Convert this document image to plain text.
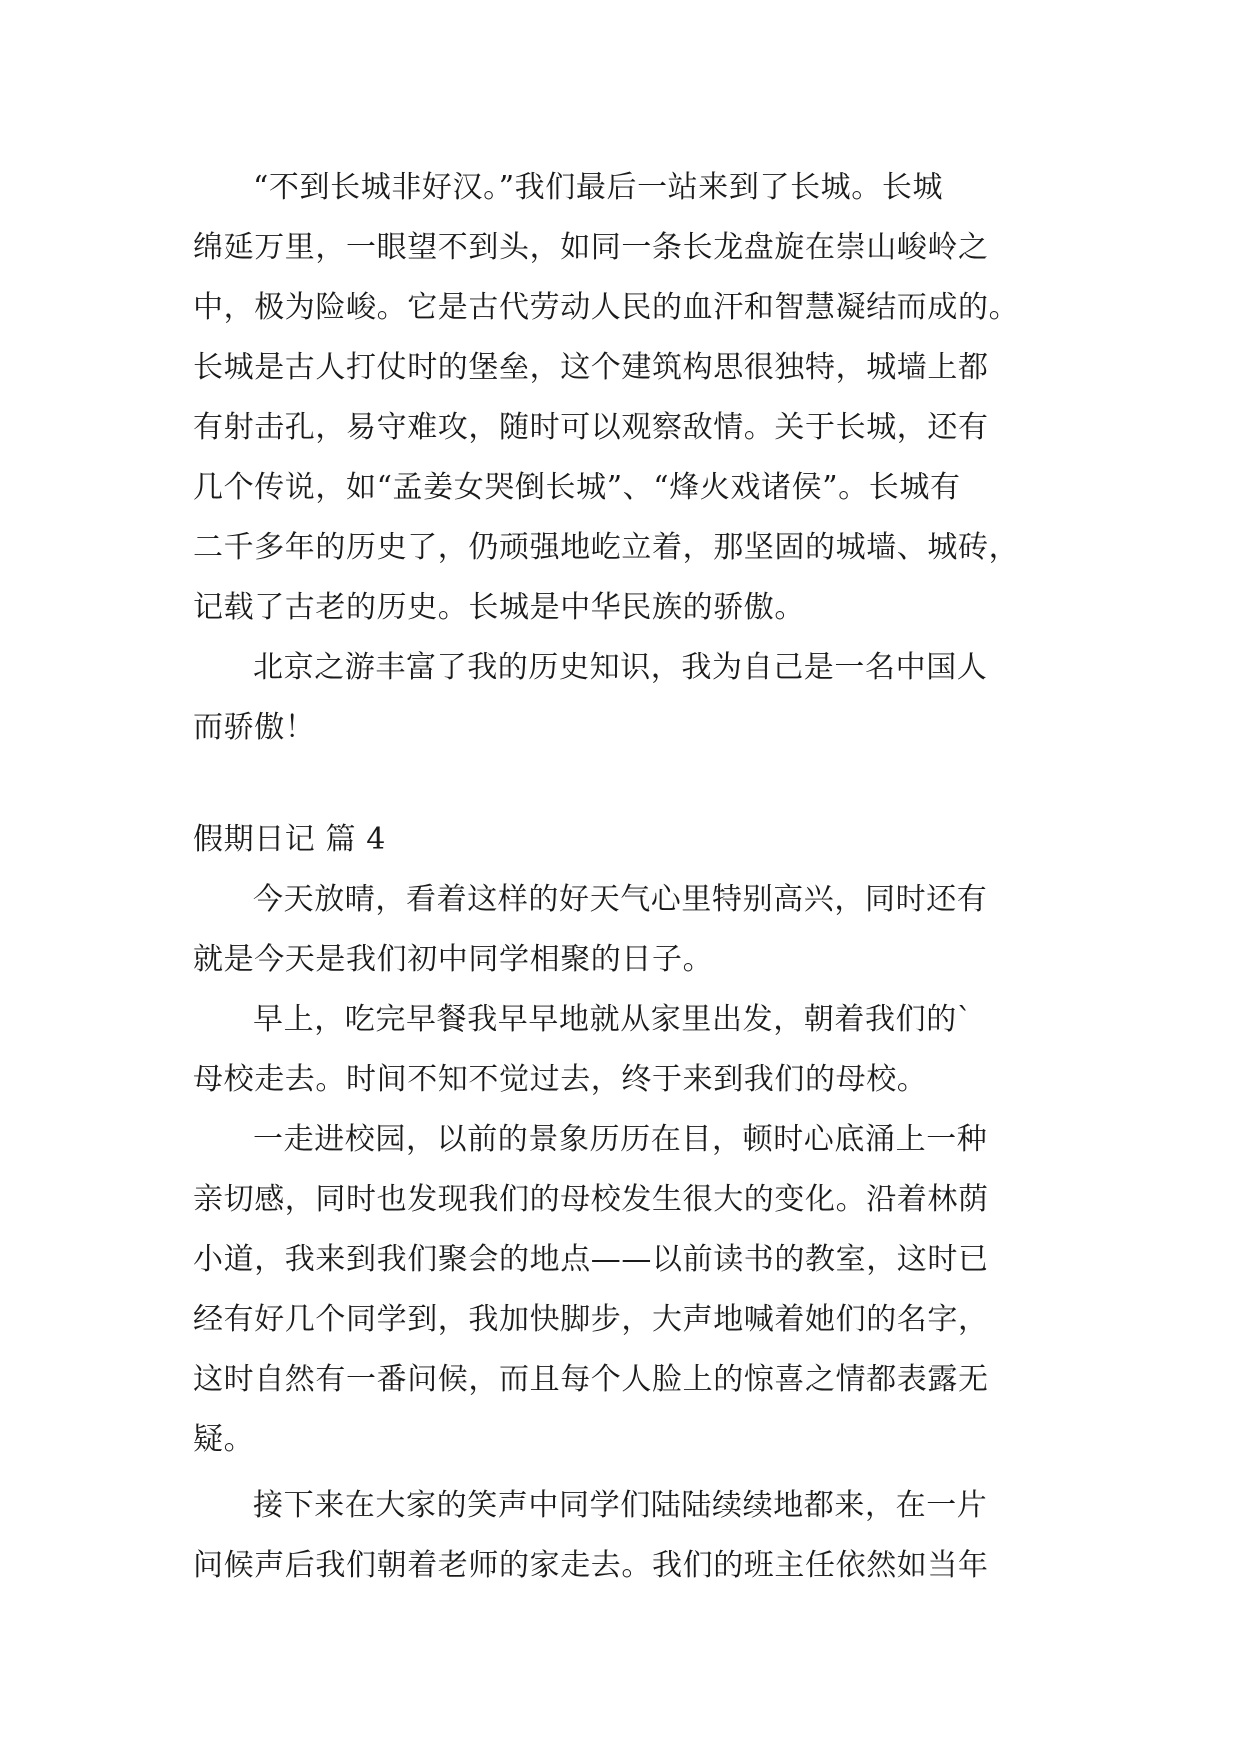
“不到长城非好汉。”我们最后一站来到了长城。长城
绵延万里，一眼望不到头，如同一条长龙盘旋在崇山峻岭之
中，极为险峻。它是古代劳动人民的血汗和智慧凝结而成的。
长城是古人打仗时的堡垒，这个建筑构思很独特，城墙上都
有射击孔，易守难攻，随时可以观察敌情。关于长城，还有
几个传说，如“孟姜女哭倒长城”、“烽火戏诸侯”。长城有
二千多年的历史了，仍顽强地屹立着，那坚固的城墙、城砖，
记载了古老的历史。长城是中华民族的骄傲。
北京之游丰富了我的历史知识，我为自己是一名中国人
而骄傲！
假期日记 篇 4
今天放晴，看着这样的好天气心里特别高兴，同时还有
就是今天是我们初中同学相聚的日子。
早上，吃完早餐我早早地就从家里出发，朝着我们的`
母校走去。时间不知不觉过去，终于来到我们的母校。
一走进校园，以前的景象历历在目，顿时心底涌上一种
亲切感，同时也发现我们的母校发生很大的变化。沿着林荫
小道，我来到我们聚会的地点——以前读书的教室，这时已
经有好几个同学到，我加快脚步，大声地喊着她们的名字，
这时自然有一番问候，而且每个人脸上的惊喜之情都表露无
疑。
接下来在大家的笑声中同学们陆陆续续地都来，在一片
问候声后我们朝着老师的家走去。我们的班主任依然如当年
